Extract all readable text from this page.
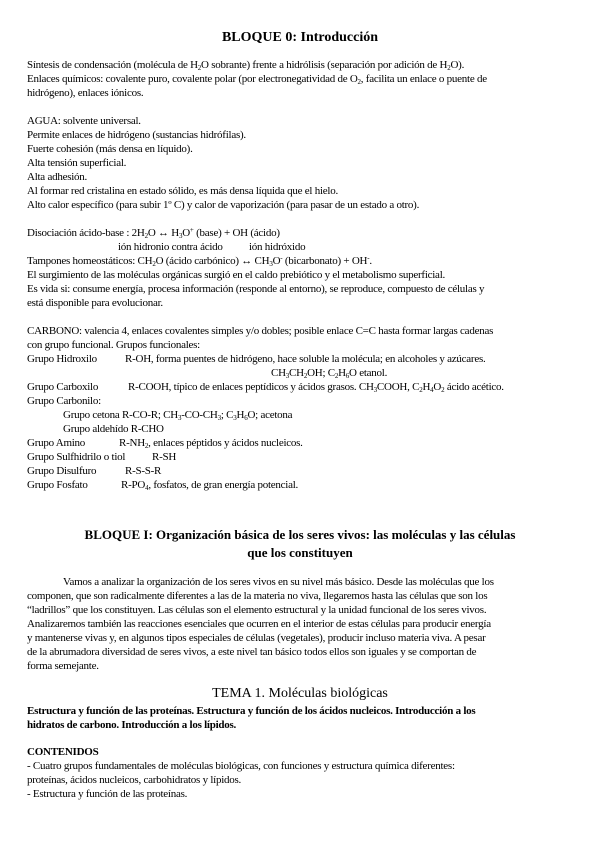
BLOQUE 0: Introducción
Síntesis de condensación (molécula de $H_2O$ sobrante) frente a hidrólisis (separación por adición de $H_2O$).
Enlaces químicos: covalente puro, covalente polar (por electronegatividad de $O_2$, facilita un enlace o puente de
hidrógeno), enlaces iónicos.
AGUA: solvente universal.
Permite enlaces de hidrógeno (sustancias hidrófilas).
Fuerte cohesión (más densa en líquido).
Alta tensión superficial.
Alta adhesión.
Al formar red cristalina en estado sólido, es más densa líquida que el hielo.
Alto calor específico (para subir 1º C) y calor de vaporización (para pasar de un estado a otro).
Disociación ácido-base : $2H_2O$ ↔ $H_3O^+$ (base) + OH (ácido)
ión hidronio contra ácido ión hidróxido
Tampones homeostáticos: $CH_2O$ (ácido carbónico) ↔ $CH_3O^-$ (bicarbonato) + OH-.
El surgimiento de las moléculas orgánicas surgió en el caldo prebiótico y el metabolismo superficial.
Es vida si: consume energía, procesa información (responde al entorno), se reproduce, compuesto de células y
está disponible para evolucionar.
CARBONO: valencia 4, enlaces covalentes simples y/o dobles; posible enlace C=C hasta formar largas cadenas
con grupo funcional. Grupos funcionales:
Grupo Hidroxilo	R-OH, forma puentes de hidrógeno, hace soluble la molécula; en alcoholes y azúcares.
$CH_3CH_2OH$; $C_2H_6O$ etanol.
Grupo Carboxilo	R-COOH, típico de enlaces peptídicos y ácidos grasos. $CH_3COOH$, $C_2H_4O_2$ ácido acético.
Grupo Carbonilo:
Grupo cetona R-CO-R; $CH_3-CO-CH_3$; $C_3H_6O$; acetona
Grupo aldehído R-CHO
Grupo Amino	$R-NH_2$, enlaces péptidos y ácidos nucleicos.
Grupo Sulfhidrilo o tiol R-SH
Grupo Disulfuro	R-S-S-R
Grupo Fosfato	$R-PO_4$, fosfatos, de gran energía potencial.
BLOQUE I: Organización básica de los seres vivos: las moléculas y las células
que los constituyen
Vamos a analizar la organización de los seres vivos en su nivel más básico. Desde las moléculas que los
componen, que son radicalmente diferentes a las de la materia no viva, llegaremos hasta las células que son los
“ladrillos” que los constituyen. Las células son el elemento estructural y la unidad funcional de los seres vivos.
Analizaremos también las reacciones esenciales que ocurren en el interior de estas células para producir energía
y mantenerse vivas y, en algunos tipos especiales de células (vegetales), producir incluso materia viva. A pesar
de la abrumadora diversidad de seres vivos, a este nivel tan básico todos ellos son iguales y se comportan de
forma semejante.
TEMA 1. Moléculas biológicas
Estructura y función de las proteínas. Estructura y función de los ácidos nucleicos. Introducción a los
hidratos de carbono. Introducción a los lípidos.
CONTENIDOS
- Cuatro grupos fundamentales de moléculas biológicas, con funciones y estructura química diferentes:
proteínas, ácidos nucleicos, carbohidratos y lípidos.
- Estructura y función de las proteínas.
